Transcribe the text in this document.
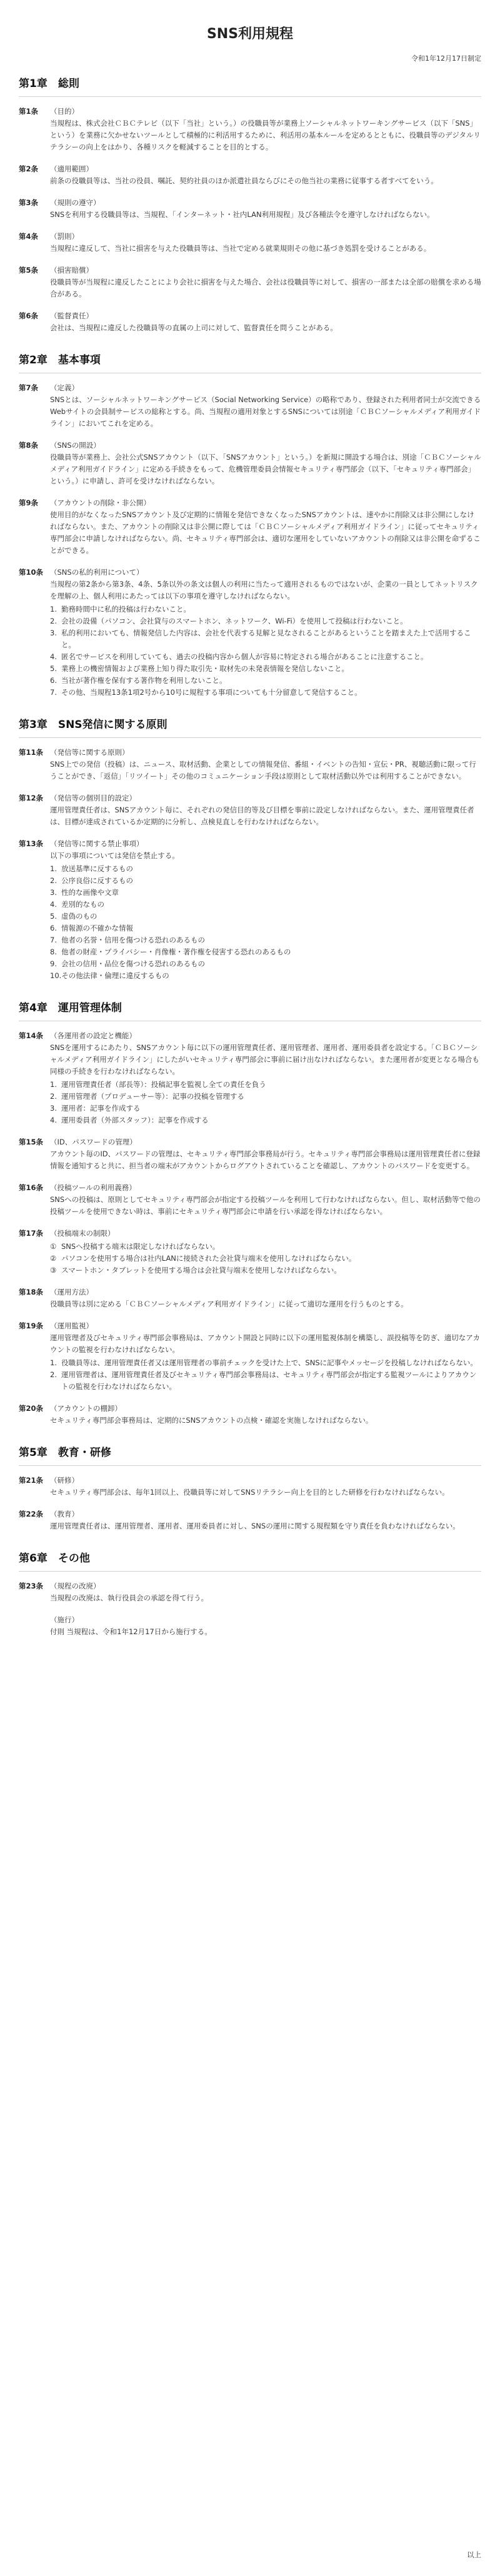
SNS利用規程
令和1年12月17日制定
第1章　総則
第1条	（目的）

当規程は、株式会社ＣＢＣテレビ（以下「当社」という。）の役職員等が業務上ソーシャルネットワーキングサービス（以下「SNS」という）を業務に欠かせないツールとして積極的に利活用するために、利活用の基本ルールを定めるとともに、役職員等のデジタルリテラシーの向上をはかり、各種リスクを軽減することを目的とする。

第2条	（適用範囲）

前条の役職員等は、当社の役員、嘱託、契約社員のほか派遣社員ならびにその他当社の業務に従事する者すべてをいう。

第3条	（規則の遵守）

SNSを利用する役職員等は、当規程、「インターネット・社内LAN利用規程」及び各種法令を遵守しなければならない。

第4条	（罰則）

当規程に違反して、当社に損害を与えた役職員等は、当社で定める就業規則その他に基づき処罰を受けることがある。

第5条	（損害賠償）

役職員等が当規程に違反したことにより会社に損害を与えた場合、会社は役職員等に対して、損害の一部または全部の賠償を求める場合がある。

第6条	（監督責任）

会社は、当規程に違反した役職員等の直属の上司に対して、監督責任を問うことがある。

第2章　基本事項
第7条	（定義）

SNSとは、ソーシャルネットワーキングサービス（Social Networking Service）の略称であり、登録された利用者同士が交流できるWebサイトの会員制サービスの総称とする。尚、当規程の適用対象とするSNSについては別途「ＣＢＣソーシャルメディア利用ガイドライン」においてこれを定める。

第8条	（SNSの開設）

役職員等が業務上、会社公式SNSアカウント（以下、「SNSアカウント」という。）を新規に開設する場合は、別途「ＣＢＣソーシャルメディア利用ガイドライン」に定める手続きをもって、危機管理委員会情報セキュリティ専門部会（以下、「セキュリティ専門部会」という。）に申請し、許可を受けなければならない。

第9条	（アカウントの削除・非公開）

使用目的がなくなったSNSアカウント及び定期的に情報を発信できなくなったSNSアカウントは、速やかに削除又は非公開にしなければならない。また、アカウントの削除又は非公開に際しては「ＣＢＣソーシャルメディア利用ガイドライン」に従ってセキュリティ専門部会に申請しなければならない。尚、セキュリティ専門部会は、適切な運用をしていないアカウントの削除又は非公開を命ずることができる。

第10条 （SNSの私的利用について）

当規程の第2条から第3条、4条、5条以外の条文は個人の利用に当たって適用されるものではないが、企業の一員としてネットリスクを理解の上、個人利用にあたっては以下の事項を遵守しなければならない。

1. 勤務時間中に私的投稿は行わないこと。
2. 会社の設備（パソコン、会社貸与のスマートホン、ネットワーク、Wi-Fi）を使用して投稿は行わないこと。
3. 私的利用においても、情報発信した内容は、会社を代表する見解と見なされることがあるということを踏まえた上で活用すること。
4. 匿名でサービスを利用していても、過去の投稿内容から個人が容易に特定される場合があることに注意すること。
5. 業務上の機密情報および業務上知り得た取引先・取材先の未発表情報を発信しないこと。
6. 当社が著作権を保有する著作物を利用しないこと。
7. その他、当規程13条1項2号から10号に規程する事項についても十分留意して発信すること。
第3章　SNS発信に関する原則
第11条 （発信等に関する原則）

SNS上での発信（投稿）は、ニュース、取材活動、企業としての情報発信、番組・イベントの告知・宣伝・PR、視聴活動に限って行うことができ、「返信」「リツイート」その他のコミュニケーション手段は原則として取材活動以外では利用することができない。

第12条 （発信等の個別目的設定）

運用管理責任者は、SNSアカウント毎に、それぞれの発信目的等及び目標を事前に設定しなければならない。また、運用管理責任者は、目標が達成されているか定期的に分析し、点検見直しを行わなければならない。

第13条 （発信等に関する禁止事項）

以下の事項については発信を禁止する。

1. 放送基準に反するもの
2. 公序良俗に反するもの
3. 性的な画像や文章
4. 差別的なもの
5. 虚偽のもの
6. 情報源の不確かな情報
7. 他者の名誉・信用を傷つける恐れのあるもの
8. 他者の財産・プライバシー・肖像権・著作権を侵害する恐れのあるもの
9. 会社の信用・品位を傷つける恐れのあるもの
10. その他法律・倫理に違反するもの
第4章　運用管理体制
第14条 （各運用者の設定と機能）

SNSを運用するにあたり、SNSアカウント毎に以下の運用管理責任者、運用管理者、運用者、運用委員者を設定する。「ＣＢＣソーシャルメディア利用ガイドライン」にしたがいセキュリティ専門部会に事前に届け出なければならない。また運用者が変更となる場合も同様の手続きを行わなければならない。

1. 運用管理責任者（部長等）：投稿記事を監視し全ての責任を負う
2. 運用管理者（プロデューサー等）：記事の投稿を管理する
3. 運用者：記事を作成する
4. 運用委員者（外部スタッフ）：記事を作成する
第15条 （ID、パスワードの管理）

アカウント毎のID、パスワードの管理は、セキュリティ専門部会事務局が行う。セキュリティ専門部会事務局は運用管理責任者に登録情報を通知すると共に、担当者の端末がアカウントからログアウトされていることを確認し、アカウントのパスワードを変更する。

第16条 （投稿ツールの利用義務）

SNSへの投稿は、原則としてセキュリティ専門部会が指定する投稿ツールを利用して行わなければならない。但し、取材活動等で他の投稿ツールを使用できない時は、事前にセキュリティ専門部会に申請を行い承認を得なければならない。

第17条 （投稿端末の制限）
① SNSへ投稿する端末は限定しなければならない。
② パソコンを使用する場合は社内LANに接続された会社貸与端末を使用しなければならない。
③ スマートホン・タブレットを使用する場合は会社貸与端末を使用しなければならない。
第18条 （運用方法）

役職員等は別に定める「ＣＢＣソーシャルメディア利用ガイドライン」に従って適切な運用を行うものとする。

第19条 （運用監視）

運用管理者及びセキュリティ専門部会事務局は、アカウント開設と同時に以下の運用監視体制を構築し、誤投稿等を防ぎ、適切なアカウントの監視を行わなければならない。

1. 役職員等は、運用管理責任者又は運用管理者の事前チェックを受けた上で、SNSに記事やメッセージを投稿しなければならない。
2. 運用管理者は、運用管理責任者及びセキュリティ専門部会事務局は、セキュリティ専門部会が指定する監視ツールによりアカウントの監視を行わなければならない。
第20条 （アカウントの棚卸）

セキュリティ専門部会事務局は、定期的にSNSアカウントの点検・確認を実施しなければならない。

第5章　教育・研修
第21条 （研修）

セキュリティ専門部会は、毎年1回以上、役職員等に対してSNSリテラシー向上を目的とした研修を行わなければならない。

第22条 （教育）

運用管理責任者は、運用管理者、運用者、運用委員者に対し、SNSの運用に関する規程類を守り責任を負わなければならない。

第6章　その他
第23条 （規程の改廃）

当規程の改廃は、執行役員会の承認を得て行う。

（施行）

付則 当規程は、令和1年12月17日から施行する。

以上
